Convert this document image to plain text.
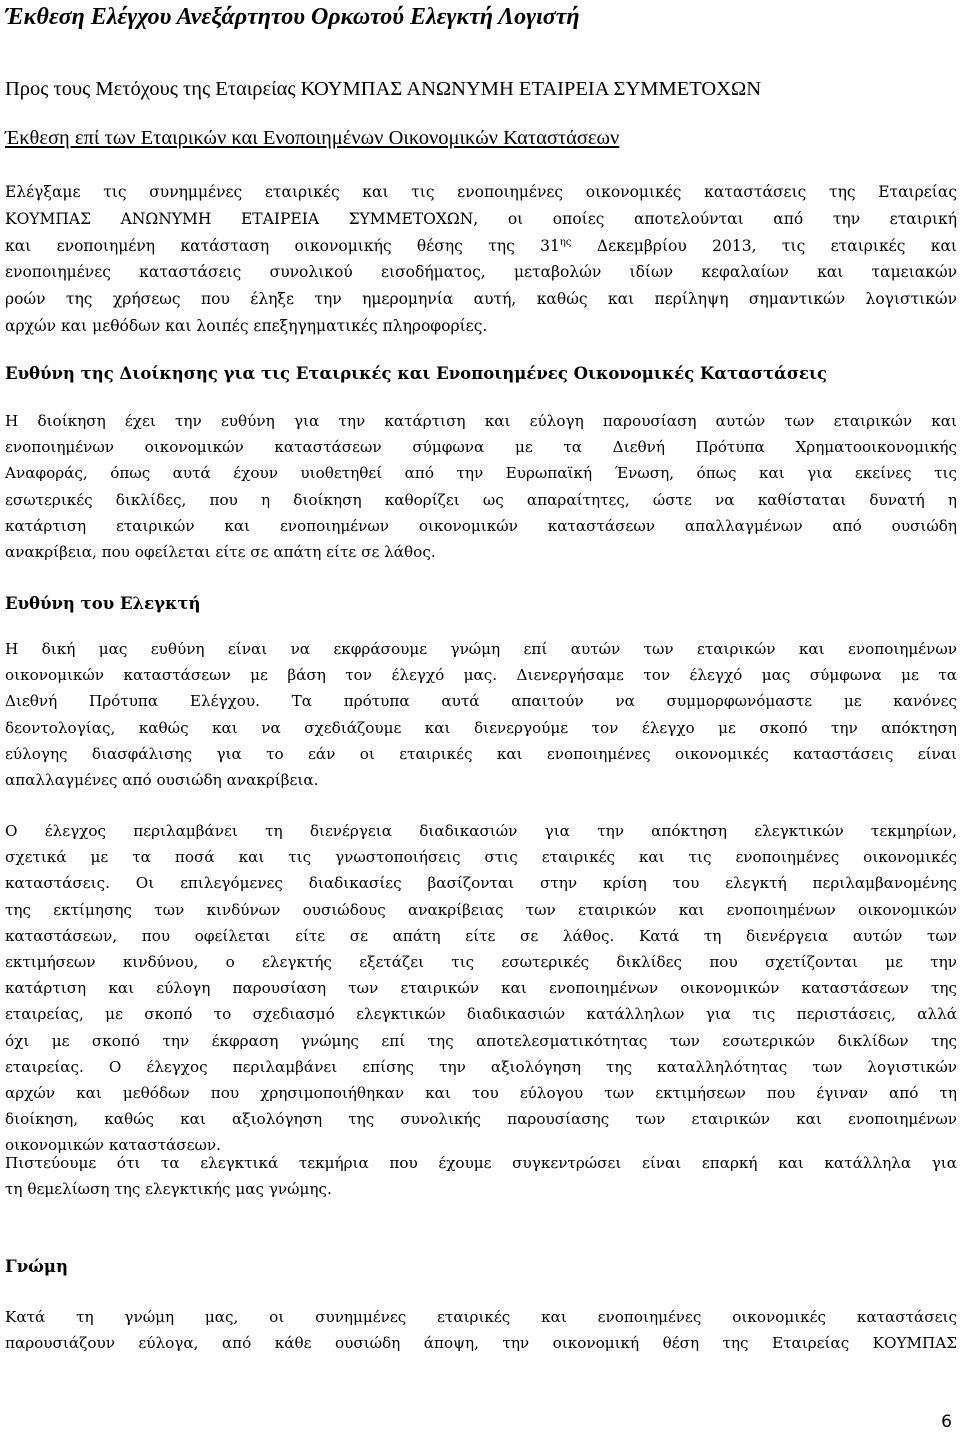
Έκθεση Ελέγχου Ανεξάρτητου Ορκωτού Ελεγκτή Λογιστή

Προς τους Μετόχους της Εταιρείας ΚΟΥΜΠΑΣ ΑΝΩΝΥΜΗ ΕΤΑΙΡΕΙΑ ΣΥΜΜΕΤΟΧΩΝ

Έκθεση επί των Εταιρικών και Ενοποιημένων Οικονομικών Καταστάσεων

Ελέγξαμε τις συνημμένες εταιρικές και τις ενοποιημένες οικονομικές καταστάσεις της Εταιρείας
ΚΟΥΜΠΑΣ ΑΝΩΝΥΜΗ ΕΤΑΙΡΕΙΑ ΣΥΜΜΕΤΟΧΩΝ, οι οποίες αποτελούνται από την εταιρική
και ενοποιημένη κατάσταση οικονομικής θέσης της $31^{\eta\varsigma}$ Δεκεμβρίου 2013, τις εταιρικές και
ενοποιημένες καταστάσεις συνολικού εισοδήματος, μεταβολών ιδίων κεφαλαίων και ταμειακών
ροών της χρήσεως που έληξε την ημερομηνία αυτή, καθώς και περίληψη σημαντικών λογιστικών
αρχών και μεθόδων και λοιπές επεξηγηματικές πληροφορίες.
Ευθύνη της Διοίκησης για τις Εταιρικές και Ενοποιημένες Οικονομικές Καταστάσεις
Η διοίκηση έχει την ευθύνη για την κατάρτιση και εύλογη παρουσίαση αυτών των εταιρικών και
ενοποιημένων οικονομικών καταστάσεων σύμφωνα με τα Διεθνή Πρότυπα Χρηματοοικονομικής
Αναφοράς, όπως αυτά έχουν υιοθετηθεί από την Ευρωπαϊκή Ένωση, όπως και για εκείνες τις
εσωτερικές δικλίδες, που η διοίκηση καθορίζει ως απαραίτητες, ώστε να καθίσταται δυνατή η
κατάρτιση εταιρικών και ενοποιημένων οικονομικών καταστάσεων απαλλαγμένων από ουσιώδη
ανακρίβεια, που οφείλεται είτε σε απάτη είτε σε λάθος.
Ευθύνη του Ελεγκτή
Η δική μας ευθύνη είναι να εκφράσουμε γνώμη επί αυτών των εταιρικών και ενοποιημένων
οικονομικών καταστάσεων με βάση τον έλεγχό μας. Διενεργήσαμε τον έλεγχό μας σύμφωνα με τα
Διεθνή Πρότυπα Ελέγχου. Τα πρότυπα αυτά απαιτούν να συμμορφωνόμαστε με κανόνες
δεοντολογίας, καθώς και να σχεδιάζουμε και διενεργούμε τον έλεγχο με σκοπό την απόκτηση
εύλογης διασφάλισης για το εάν οι εταιρικές και ενοποιημένες οικονομικές καταστάσεις είναι
απαλλαγμένες από ουσιώδη ανακρίβεια.
Ο έλεγχος περιλαμβάνει τη διενέργεια διαδικασιών για την απόκτηση ελεγκτικών τεκμηρίων,
σχετικά με τα ποσά και τις γνωστοποιήσεις στις εταιρικές και τις ενοποιημένες οικονομικές
καταστάσεις. Οι επιλεγόμενες διαδικασίες βασίζονται στην κρίση του ελεγκτή περιλαμβανομένης
της εκτίμησης των κινδύνων ουσιώδους ανακρίβειας των εταιρικών και ενοποιημένων οικονομικών
καταστάσεων, που οφείλεται είτε σε απάτη είτε σε λάθος. Κατά τη διενέργεια αυτών των
εκτιμήσεων κινδύνου, ο ελεγκτής εξετάζει τις εσωτερικές δικλίδες που σχετίζονται με την
κατάρτιση και εύλογη παρουσίαση των εταιρικών και ενοποιημένων οικονομικών καταστάσεων της
εταιρείας, με σκοπό το σχεδιασμό ελεγκτικών διαδικασιών κατάλληλων για τις περιστάσεις, αλλά
όχι με σκοπό την έκφραση γνώμης επί της αποτελεσματικότητας των εσωτερικών δικλίδων της
εταιρείας. Ο έλεγχος περιλαμβάνει επίσης την αξιολόγηση της καταλληλότητας των λογιστικών
αρχών και μεθόδων που χρησιμοποιήθηκαν και του εύλογου των εκτιμήσεων που έγιναν από τη
διοίκηση, καθώς και αξιολόγηση της συνολικής παρουσίασης των εταιρικών και ενοποιημένων
οικονομικών καταστάσεων.
Πιστεύουμε ότι τα ελεγκτικά τεκμήρια που έχουμε συγκεντρώσει είναι επαρκή και κατάλληλα για
τη θεμελίωση της ελεγκτικής μας γνώμης.
Γνώμη
Κατά τη γνώμη μας, οι συνημμένες εταιρικές και ενοποιημένες οικονομικές καταστάσεις
παρουσιάζουν εύλογα, από κάθε ουσιώδη άποψη, την οικονομική θέση της Εταιρείας ΚΟΥΜΠΑΣ

6
